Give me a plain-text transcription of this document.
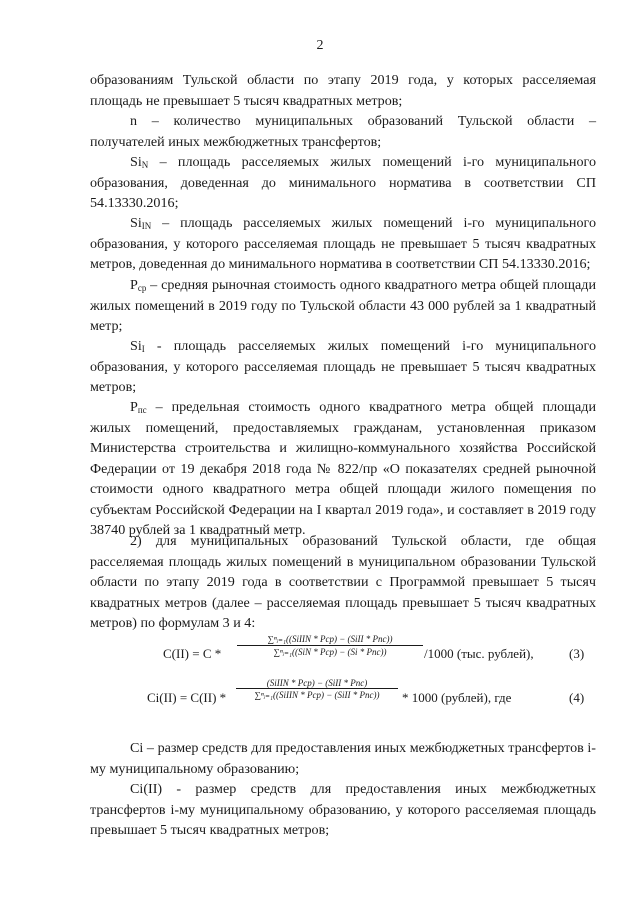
2

образованиям Тульской области по этапу 2019 года, у которых расселяемая площадь не превышает 5 тысяч квадратных метров;

n – количество муниципальных образований Тульской области – получателей иных межбюджетных трансфертов;

$Si_N$ – площадь расселяемых жилых помещений i-го муниципального образования, доведенная до минимального норматива в соответствии СП 54.13330.2016;

$Si_{IN}$ – площадь расселяемых жилых помещений i-го муниципального образования, у которого расселяемая площадь не превышает 5 тысяч квадратных метров, доведенная до минимального норматива в соответствии СП 54.13330.2016;

$P_{ср}$ – средняя рыночная стоимость одного квадратного метра общей площади жилых помещений в 2019 году по Тульской области 43 000 рублей за 1 квадратный метр;

$Si_I$ - площадь расселяемых жилых помещений i-го муниципального образования, у которого расселяемая площадь не превышает 5 тысяч квадратных метров;

$P_{пс}$ – предельная стоимость одного квадратного метра общей площади жилых помещений, предоставляемых гражданам, установленная приказом Министерства строительства и жилищно-коммунального хозяйства Российской Федерации от 19 декабря 2018 года № 822/пр «О показателях средней рыночной стоимости одного квадратного метра общей площади жилого помещения по субъектам Российской Федерации на I квартал 2019 года», и составляет в 2019 году 38740 рублей за 1 квадратный метр.

2) для муниципальных образований Тульской области, где общая расселяемая площадь жилых помещений в муниципальном образовании Тульской области по этапу 2019 года в соответствии с Программой превышает 5 тысяч квадратных метров (далее – расселяемая площадь превышает 5 тысяч квадратных метров) по формулам 3 и 4:

C(II) = C *
∑ⁿᵢ₌₁((SiIIN * Pср) − (SiII * Pпс))
∑ⁿᵢ₌₁((SiN * Pср) − (Si * Pпс))	/1000 (тыс. рублей),	(3)
Ci(II) = C(II) *
(SiIIN * Pср) − (SiII * Pпс)
∑ⁿᵢ₌₁((SiIIN * Pср) − (SiII * Pпс))	* 1000 (рублей), где	(4)

Ci – размер средств для предоставления иных межбюджетных трансфертов i-му муниципальному образованию;

Ci(II) - размер средств для предоставления иных межбюджетных трансфертов i-му муниципальному образованию, у которого расселяемая площадь превышает 5 тысяч квадратных метров;
